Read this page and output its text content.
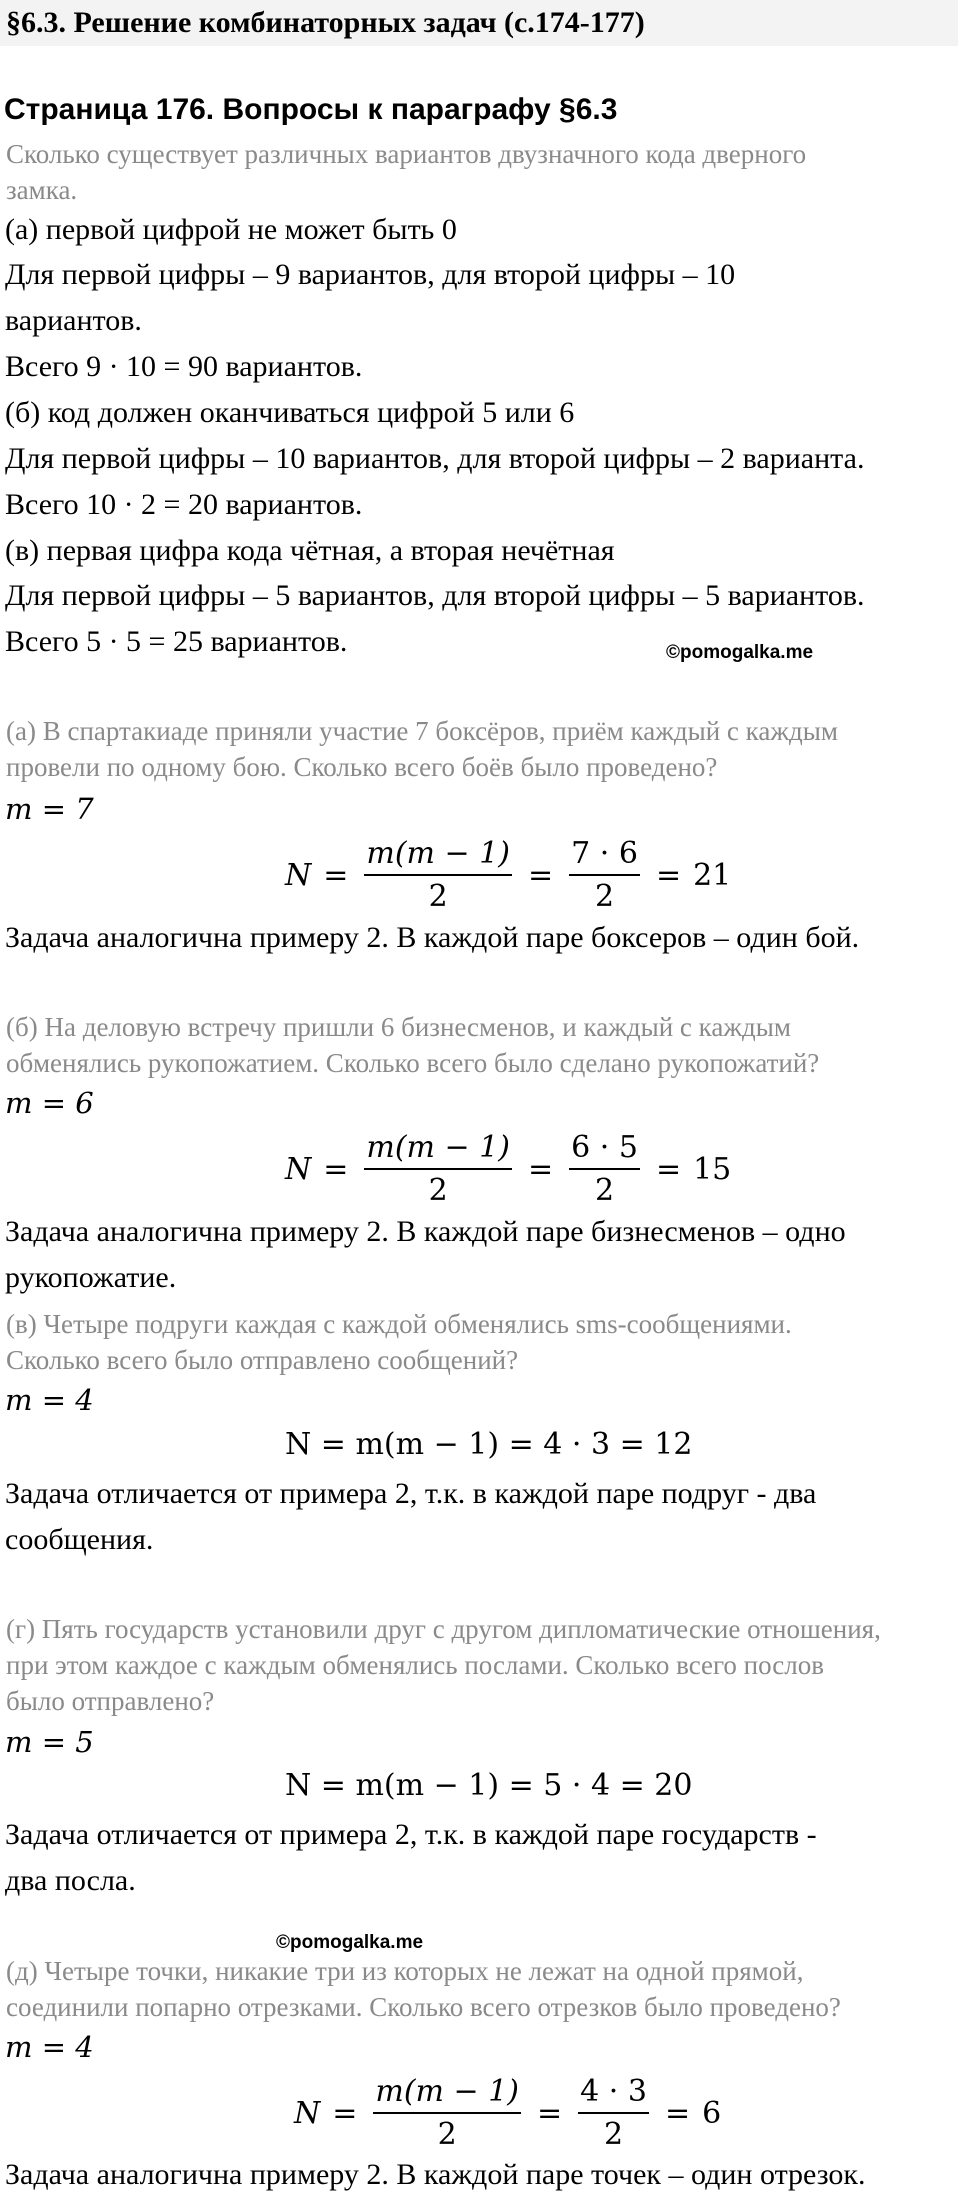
§6.3. Решение комбинаторных задач (с.174-177)
Страница 176. Вопросы к параграфу §6.3
Сколько существует различных вариантов двузначного кода дверного
замка.
(а) первой цифрой не может быть 0
Для первой цифры – 9 вариантов, для второй цифры – 10
вариантов.
Всего 9 · 10 = 90 вариантов.
(б) код должен оканчиваться цифрой 5 или 6
Для первой цифры – 10 вариантов, для второй цифры – 2 варианта.
Всего 10 · 2 = 20 вариантов.
(в) первая цифра кода чётная, а вторая нечётная
Для первой цифры – 5 вариантов, для второй цифры – 5 вариантов.
Всего 5 · 5 = 25 вариантов.	©pomogalka.me
(а) В спартакиаде приняли участие 7 боксёров, приём каждый с каждым
провели по одному бою. Сколько всего боёв было проведено?
m = 7
$N = \frac{m(m - 1)}{2} = \frac{7 \cdot 6}{2} = 21$
Задача аналогична примеру 2. В каждой паре боксеров – один бой.
(б) На деловую встречу пришли 6 бизнесменов, и каждый с каждым
обменялись рукопожатием. Сколько всего было сделано рукопожатий?
m = 6
$N = \frac{m(m - 1)}{2} = \frac{6 \cdot 5}{2} = 15$
Задача аналогична примеру 2. В каждой паре бизнесменов – одно
рукопожатие.
(в) Четыре подруги каждая с каждой обменялись sms-сообщениями.
Сколько всего было отправлено сообщений?
m = 4
N = m(m − 1) = 4 · 3 = 12
Задача отличается от примера 2, т.к. в каждой паре подруг - два
сообщения.
(г) Пять государств установили друг с другом дипломатические отношения,
при этом каждое с каждым обменялись послами. Сколько всего послов
было отправлено?
m = 5
N = m(m − 1) = 5 · 4 = 20
Задача отличается от примера 2, т.к. в каждой паре государств -
два посла.
©pomogalka.me
(д) Четыре точки, никакие три из которых не лежат на одной прямой,
соединили попарно отрезками. Сколько всего отрезков было проведено?
m = 4
$N = \frac{m(m - 1)}{2} = \frac{4 \cdot 3}{2} = 6$
Задача аналогична примеру 2. В каждой паре точек – один отрезок.
